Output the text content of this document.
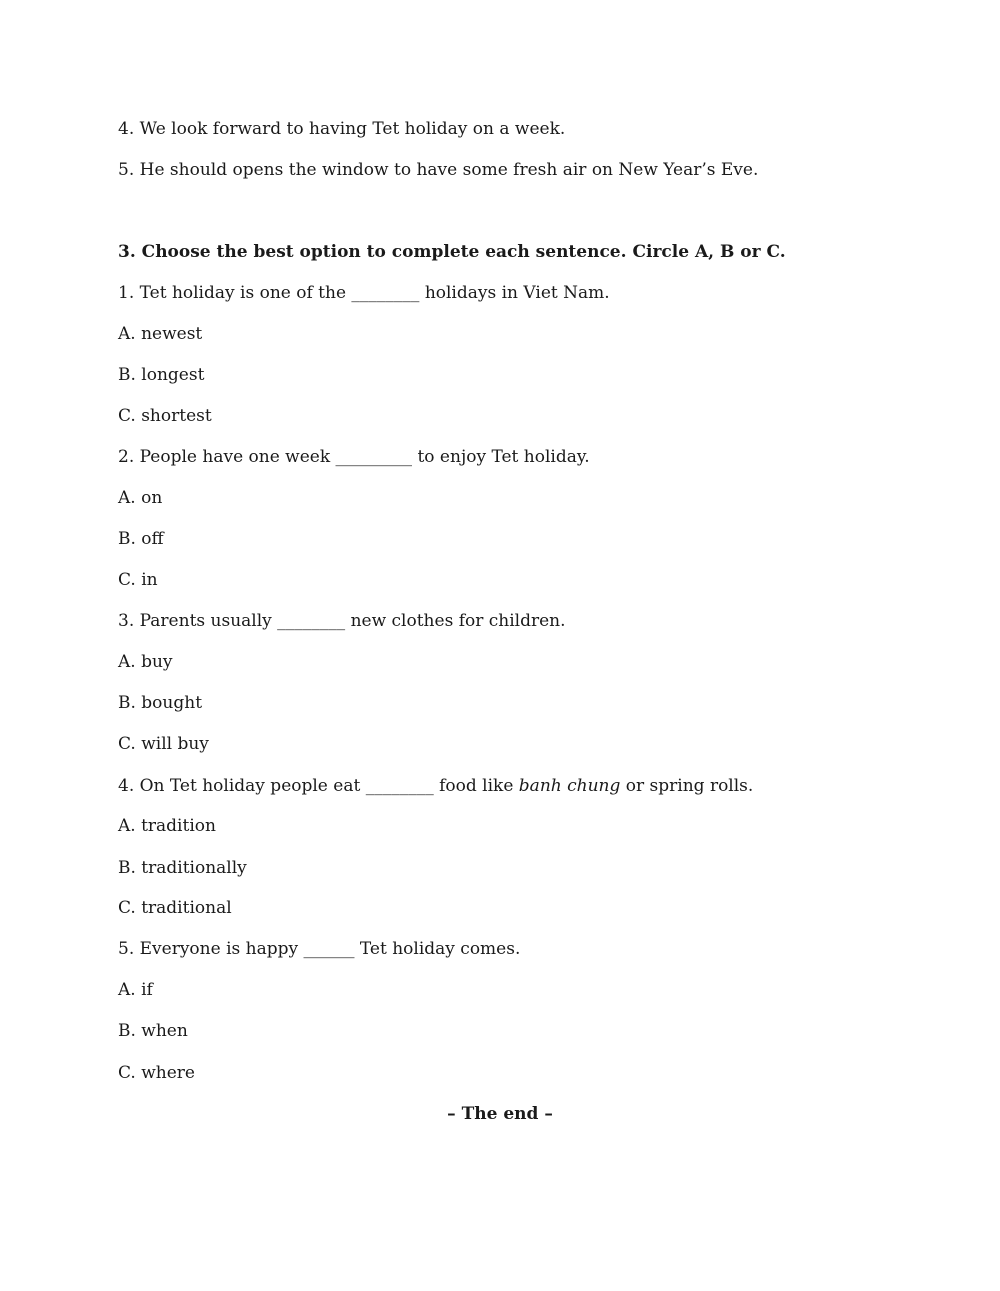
4. We look forward to having Tet holiday on a week.
5. He should opens the window to have some fresh air on New Year’s Eve.
3. Choose the best option to complete each sentence. Circle A, B or C.
1. Tet holiday is one of the ________ holidays in Viet Nam.
A. newest
B. longest
C. shortest
2. People have one week _________ to enjoy Tet holiday.
A. on
B. off
C. in
3. Parents usually ________ new clothes for children.
A. buy
B. bought
C. will buy
4. On Tet holiday people eat ________ food like banh chung or spring rolls.
A. tradition
B. traditionally
C. traditional
5. Everyone is happy ______ Tet holiday comes.
A. if
B. when
C. where
– The end –
